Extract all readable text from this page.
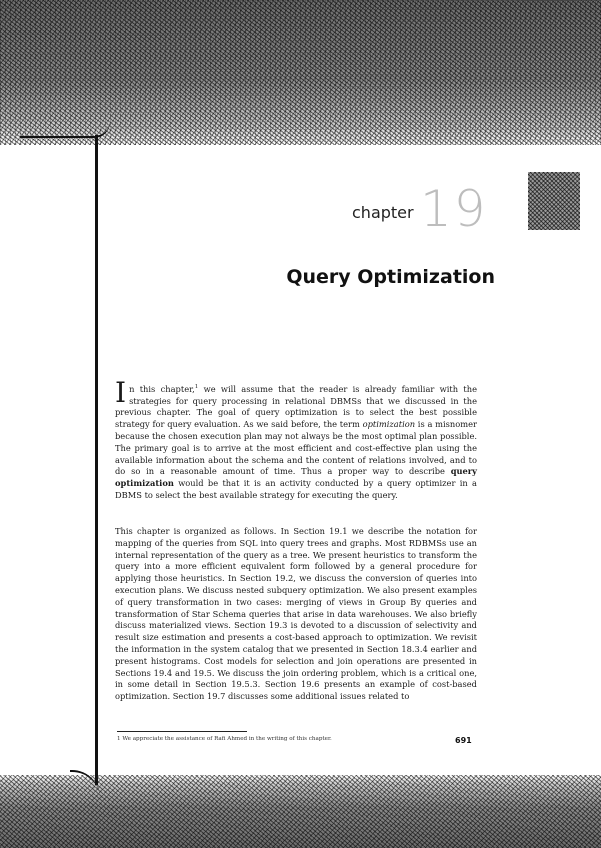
chapter 19
Query Optimization
In this chapter,$^1$ we will assume that the reader is already familiar with the strategies for query processing in relational DBMSs that we discussed in the previous chapter. The goal of query optimization is to select the best possible strategy for query evaluation. As we said before, the term optimization is a misnomer because the chosen execution plan may not always be the most optimal plan possible. The primary goal is to arrive at the most efficient and cost-effective plan using the available information about the schema and the content of relations involved, and to do so in a reasonable amount of time. Thus a proper way to describe query optimization would be that it is an activity conducted by a query optimizer in a DBMS to select the best available strategy for executing the query.
This chapter is organized as follows. In Section 19.1 we describe the notation for mapping of the queries from SQL into query trees and graphs. Most RDBMSs use an internal representation of the query as a tree. We present heuristics to transform the query into a more efficient equivalent form followed by a general procedure for applying those heuristics. In Section 19.2, we discuss the conversion of queries into execution plans. We discuss nested subquery optimization. We also present examples of query transformation in two cases: merging of views in Group By queries and transformation of Star Schema queries that arise in data warehouses. We also briefly discuss materialized views. Section 19.3 is devoted to a discussion of selectivity and result size estimation and presents a cost-based approach to optimization. We revisit the information in the system catalog that we presented in Section 18.3.4 earlier and present histograms. Cost models for selection and join operations are presented in Sections 19.4 and 19.5. We discuss the join ordering problem, which is a critical one, in some detail in Section 19.5.3. Section 19.6 presents an example of cost-based optimization. Section 19.7 discusses some additional issues related to
1 We appreciate the assistance of Rafi Ahmed in the writing of this chapter.	691
